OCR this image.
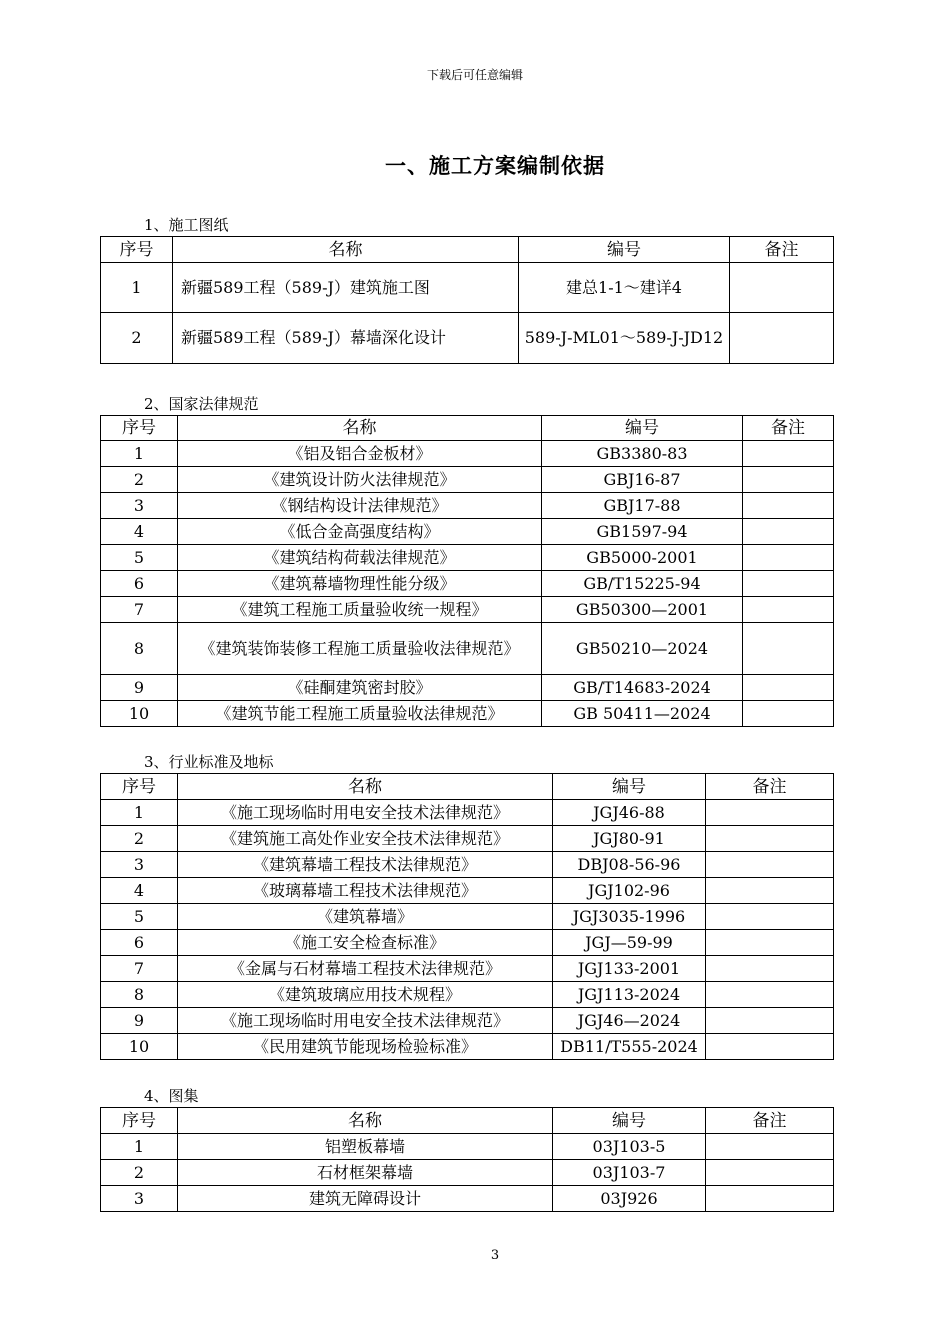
下载后可任意编辑
一、施工方案编制依据
1、施工图纸
序号	名称	编号	备注
1	新疆589工程（589-J）建筑施工图	建总1-1～建详4	
2	新疆589工程（589-J）幕墙深化设计	589-J-ML01～589-J-JD12	
2、国家法律规范
序号	名称	编号	备注
1	《铝及铝合金板材》	GB3380-83	
2	《建筑设计防火法律规范》	GBJ16-87	
3	《钢结构设计法律规范》	GBJ17-88	
4	《低合金高强度结构》	GB1597-94	
5	《建筑结构荷载法律规范》	GB5000-2001	
6	《建筑幕墙物理性能分级》	GB/T15225-94	
7	《建筑工程施工质量验收统一规程》	GB50300—2001	
8	《建筑装饰装修工程施工质量验收法律规范》	GB50210—2024	
9	《硅酮建筑密封胶》	GB/T14683-2024	
10	《建筑节能工程施工质量验收法律规范》	GB 50411—2024	
3、行业标准及地标
序号	名称	编号	备注
1	《施工现场临时用电安全技术法律规范》	JGJ46-88	
2	《建筑施工高处作业安全技术法律规范》	JGJ80-91	
3	《建筑幕墙工程技术法律规范》	DBJ08-56-96	
4	《玻璃幕墙工程技术法律规范》	JGJ102-96	
5	《建筑幕墙》	JGJ3035-1996	
6	《施工安全检查标准》	JGJ—59-99	
7	《金属与石材幕墙工程技术法律规范》	JGJ133-2001	
8	《建筑玻璃应用技术规程》	JGJ113-2024	
9	《施工现场临时用电安全技术法律规范》	JGJ46—2024	
10	《民用建筑节能现场检验标准》	DB11/T555-2024	
4、图集
序号	名称	编号	备注
1	铝塑板幕墙	03J103-5	
2	石材框架幕墙	03J103-7	
3	建筑无障碍设计	03J926	
3
